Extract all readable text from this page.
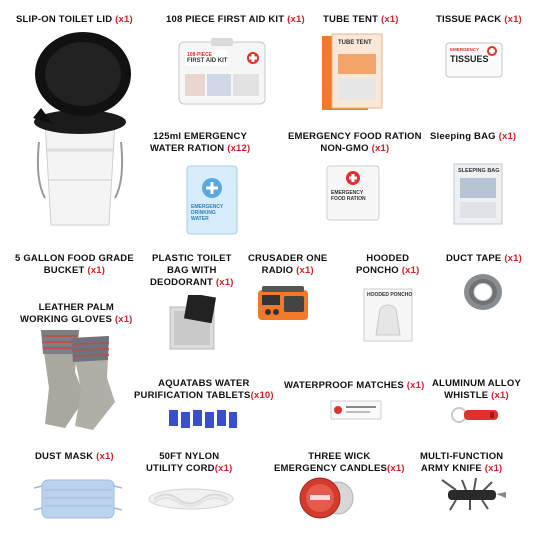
SLIP-ON TOILET LID (x1)	108 PIECE FIRST AID KIT (x1) TUBE TENT (x1)	TISSUE PACK (x1)
108-PIECE
FIRST AID KIT
TUBE TENT
EMERGENCY
TISSUES
125ml EMERGENCY
WATER RATION (x12)
EMERGENCY FOOD RATION
NON-GMO (x1)
Sleeping BAG (x1)
EMERGENCY DRINKING WATER
EMERGENCY FOOD RATION
SLEEPING BAG
5 GALLON FOOD GRADE
BUCKET (x1)
PLASTIC TOILET
BAG WITH
DEODORANT (x1)
CRUSADER ONE
RADIO (x1)
HOODED
PONCHO (x1)
DUCT TAPE (x1)
HOODED PONCHO
LEATHER PALM
WORKING GLOVES (x1)
AQUATABS WATER
PURIFICATION TABLETS(x10)
WATERPROOF MATCHES (x1) ALUMINUM ALLOY
WHISTLE (x1)
DUST MASK (x1)	50FT NYLON
UTILITY CORD(x1)
THREE WICK
EMERGENCY CANDLES(x1)
MULTI-FUNCTION
ARMY KNIFE (x1)
